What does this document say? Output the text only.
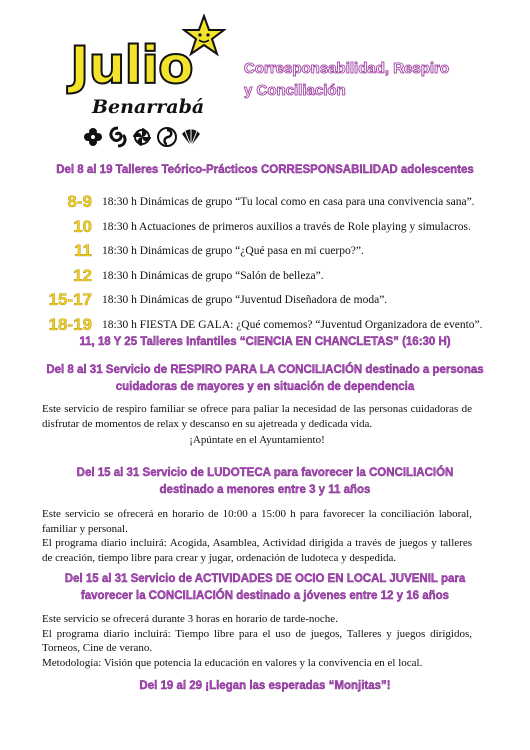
Julio
Benarrabá
Corresponsabilidad, Respiro
y Conciliación
Del 8 al 19 Talleres Teórico-Prácticos CORRESPONSABILIDAD adolescentes
8-9 18:30 h Dinámicas de grupo “Tu local como en casa para una convivencia sana”.
10 18:30 h Actuaciones de primeros auxilios a través de Role playing y simulacros.
11 18:30 h Dinámicas de grupo “¿Qué pasa en mi cuerpo?”.
12 18:30 h Dinámicas de grupo “Salón de belleza”.
15-17 18:30 h Dinámicas de grupo “Juventud Diseñadora de moda”.
18-19 18:30 h FIESTA DE GALA: ¿Qué comemos? “Juventud Organizadora de evento”.
11, 18 Y 25 Talleres Infantiles “CIENCIA EN CHANCLETAS” (16:30 H)
Del 8 al 31 Servicio de RESPIRO PARA LA CONCILIACIÓN destinado a personas
cuidadoras de mayores y en situación de dependencia

Este servicio de respiro familiar se ofrece para paliar la necesidad de las personas cuidadoras de disfrutar de momentos de relax y descanso en su ajetreada y dedicada vida.

¡Apúntate en el Ayuntamiento!

Del 15 al 31 Servicio de LUDOTECA para favorecer la CONCILIACIÓN
destinado a menores entre 3 y 11 años

Este servicio se ofrecerá en horario de 10:00 a 15:00 h para favorecer la conciliación laboral, familiar y personal.

El programa diario incluirá: Acogida, Asamblea, Actividad dirigida a través de juegos y talleres de creación, tiempo libre para crear y jugar, ordenación de ludoteca y despedida.

Del 15 al 31 Servicio de ACTIVIDADES DE OCIO EN LOCAL JUVENIL para
favorecer la CONCILIACIÓN destinado a jóvenes entre 12 y 16 años

Este servicio se ofrecerá durante 3 horas en horario de tarde-noche.

El programa diario incluirá: Tiempo libre para el uso de juegos, Talleres y juegos dirigidos, Torneos, Cine de verano.

Metodología: Visión que potencia la educación en valores y la convivencia en el local.

Del 19 al 29 ¡Llegan las esperadas “Monjitas”!
